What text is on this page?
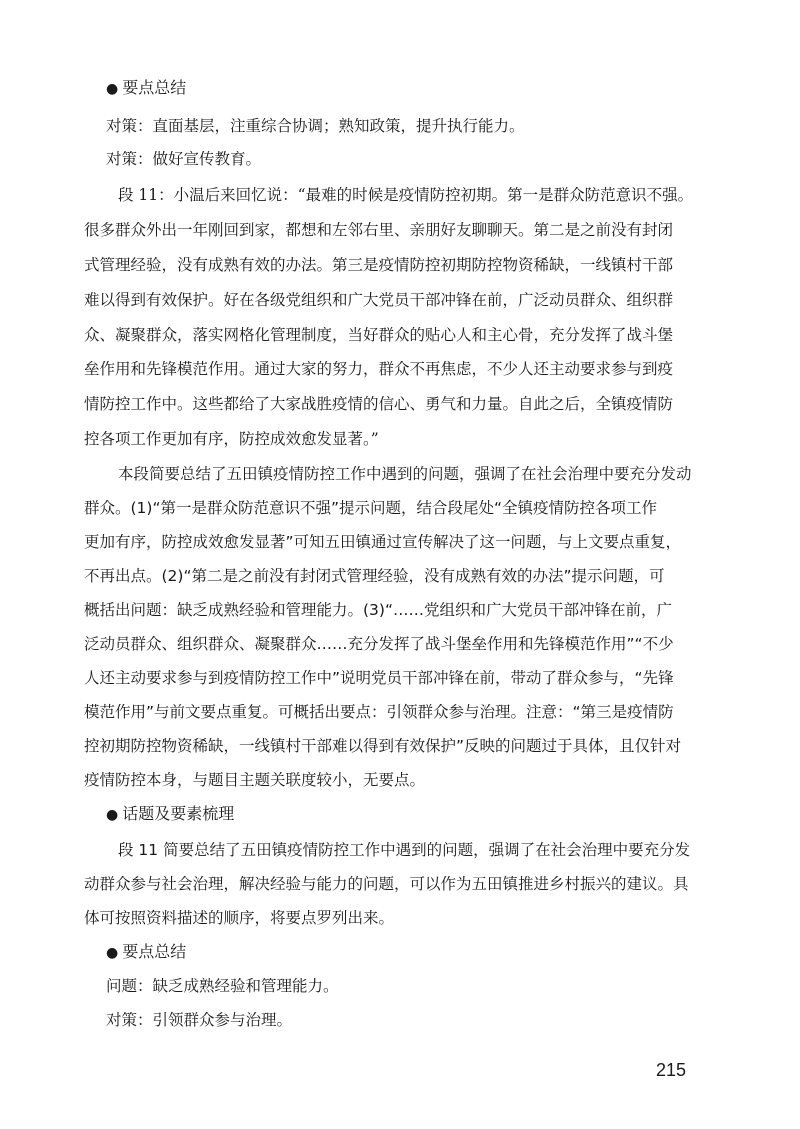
● 要点总结
对策：直面基层，注重综合协调；熟知政策，提升执行能力。
对策：做好宣传教育。
段 11：小温后来回忆说：“最难的时候是疫情防控初期。第一是群众防范意识不强。
很多群众外出一年刚回到家，都想和左邻右里、亲朋好友聊聊天。第二是之前没有封闭
式管理经验，没有成熟有效的办法。第三是疫情防控初期防控物资稀缺，一线镇村干部
难以得到有效保护。好在各级党组织和广大党员干部冲锋在前，广泛动员群众、组织群
众、凝聚群众，落实网格化管理制度，当好群众的贴心人和主心骨，充分发挥了战斗堡
垒作用和先锋模范作用。通过大家的努力，群众不再焦虑，不少人还主动要求参与到疫
情防控工作中。这些都给了大家战胜疫情的信心、勇气和力量。自此之后，全镇疫情防
控各项工作更加有序，防控成效愈发显著。”
本段简要总结了五田镇疫情防控工作中遇到的问题，强调了在社会治理中要充分发动
群众。(1)“第一是群众防范意识不强”提示问题，结合段尾处“全镇疫情防控各项工作
更加有序，防控成效愈发显著”可知五田镇通过宣传解决了这一问题，与上文要点重复，
不再出点。(2)“第二是之前没有封闭式管理经验，没有成熟有效的办法”提示问题，可
概括出问题：缺乏成熟经验和管理能力。(3)“……党组织和广大党员干部冲锋在前，广
泛动员群众、组织群众、凝聚群众……充分发挥了战斗堡垒作用和先锋模范作用”“不少
人还主动要求参与到疫情防控工作中”说明党员干部冲锋在前，带动了群众参与，“先锋
模范作用”与前文要点重复。可概括出要点：引领群众参与治理。注意：“第三是疫情防
控初期防控物资稀缺，一线镇村干部难以得到有效保护”反映的问题过于具体，且仅针对
疫情防控本身，与题目主题关联度较小，无要点。
● 话题及要素梳理
段 11 简要总结了五田镇疫情防控工作中遇到的问题，强调了在社会治理中要充分发
动群众参与社会治理，解决经验与能力的问题，可以作为五田镇推进乡村振兴的建议。具
体可按照资料描述的顺序，将要点罗列出来。
● 要点总结
问题：缺乏成熟经验和管理能力。
对策：引领群众参与治理。
215
